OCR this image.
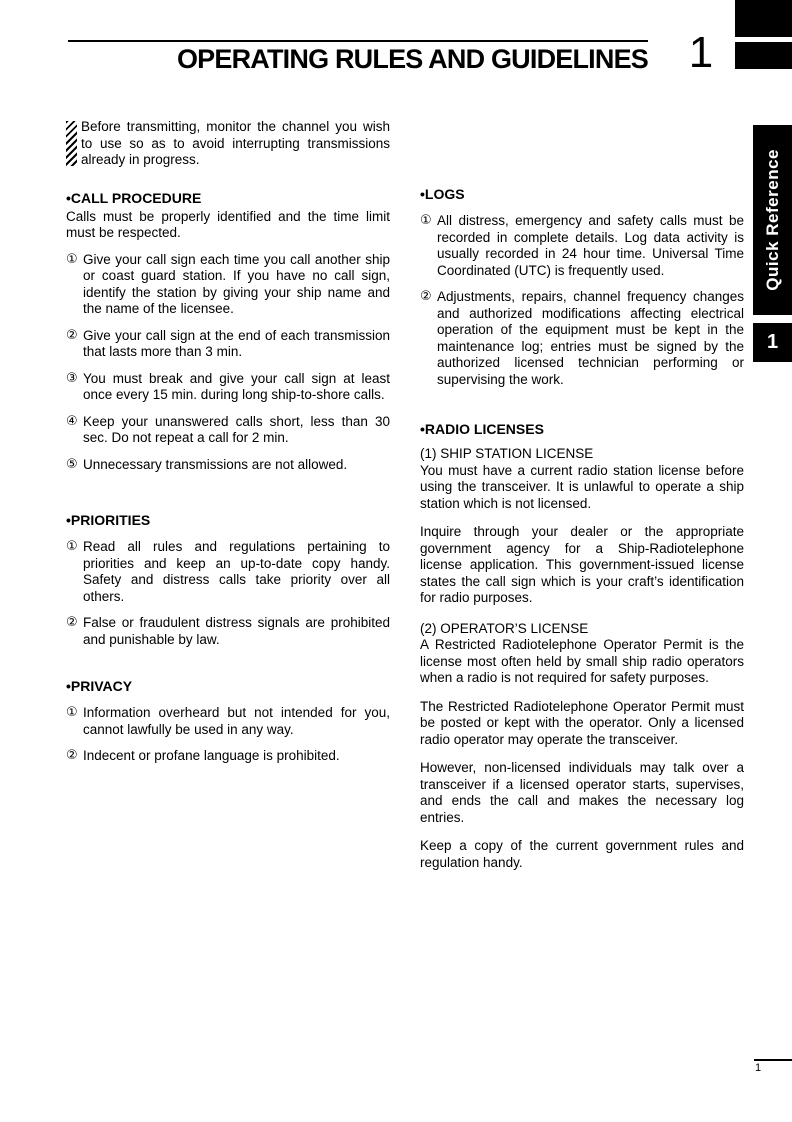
OPERATING RULES AND GUIDELINES 1
Quick Reference
1

Before transmitting, monitor the channel you wish to use so as to avoid interrupting transmissions already in progress.

•CALL PROCEDURE

Calls must be properly identified and the time limit must be respected.

① Give your call sign each time you call another ship or coast guard station. If you have no call sign, identify the station by giving your ship name and the name of the licensee.

② Give your call sign at the end of each transmission that lasts more than 3 min.

③ You must break and give your call sign at least once every 15 min. during long ship-to-shore calls.

④ Keep your unanswered calls short, less than 30 sec. Do not repeat a call for 2 min.

⑤ Unnecessary transmissions are not allowed.

•PRIORITIES
① Read all rules and regulations pertaining to priorities and keep an up-to-date copy handy. Safety and distress calls take priority over all others.

② False or fraudulent distress signals are prohibited and punishable by law.

•PRIVACY
① Information overheard but not intended for you, cannot lawfully be used in any way.

② Indecent or profane language is prohibited.

•LOGS
① All distress, emergency and safety calls must be recorded in complete details. Log data activity is usually recorded in 24 hour time. Universal Time Coordinated (UTC) is frequently used.

② Adjustments, repairs, channel frequency changes and authorized modifications affecting electrical operation of the equipment must be kept in the maintenance log; entries must be signed by the authorized licensed technician performing or supervising the work.

•RADIO LICENSES
(1) SHIP STATION LICENSE

You must have a current radio station license before using the transceiver. It is unlawful to operate a ship station which is not licensed.

Inquire through your dealer or the appropriate government agency for a Ship-Radiotelephone license application. This government-issued license states the call sign which is your craft’s identification for radio purposes.

(2) OPERATOR’S LICENSE

A Restricted Radiotelephone Operator Permit is the license most often held by small ship radio operators when a radio is not required for safety purposes.

The Restricted Radiotelephone Operator Permit must be posted or kept with the operator. Only a licensed radio operator may operate the transceiver.

However, non-licensed individuals may talk over a transceiver if a licensed operator starts, supervises, and ends the call and makes the necessary log entries.

Keep a copy of the current government rules and regulation handy.

1
